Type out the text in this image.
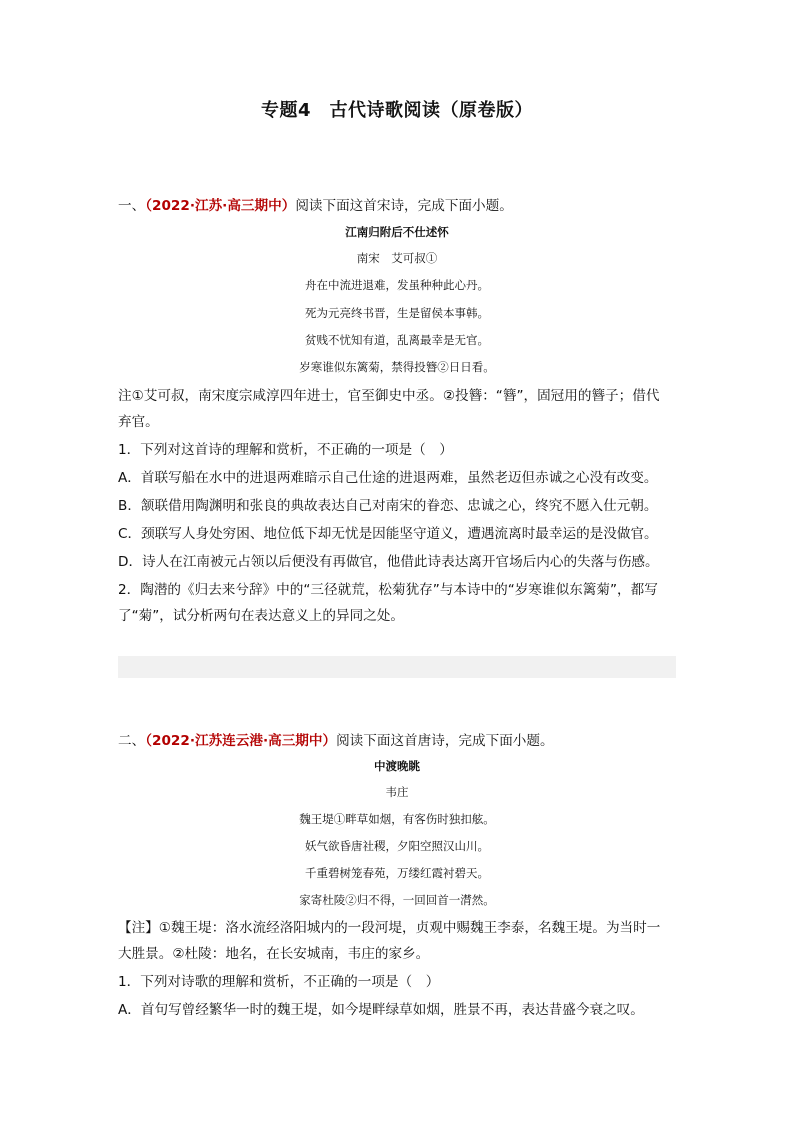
专题4　古代诗歌阅读（原卷版）
一、（2022·江苏·高三期中）阅读下面这首宋诗，完成下面小题。
江南归附后不仕述怀
南宋　艾可叔①
舟在中流进退难，发虽种种此心丹。
死为元亮终书晋，生是留侯本事韩。
贫贱不忧知有道，乱离最幸是无官。
岁寒谁似东篱菊，禁得投簪②日日看。
注①艾可叔，南宋度宗咸淳四年进士，官至御史中丞。②投簪：“簪”，固冠用的簪子；借代
弃官。
1．下列对这首诗的理解和赏析，不正确的一项是（　）
A．首联写船在水中的进退两难暗示自己仕途的进退两难，虽然老迈但赤诚之心没有改变。
B．颔联借用陶渊明和张良的典故表达自己对南宋的眷恋、忠诚之心，终究不愿入仕元朝。
C．颈联写人身处穷困、地位低下却无忧是因能坚守道义，遭遇流离时最幸运的是没做官。
D．诗人在江南被元占领以后便没有再做官，他借此诗表达离开官场后内心的失落与伤感。
2．陶潜的《归去来兮辞》中的“三径就荒，松菊犹存”与本诗中的“岁寒谁似东篱菊”，都写
了“菊”，试分析两句在表达意义上的异同之处。
二、（2022·江苏连云港·高三期中）阅读下面这首唐诗，完成下面小题。
中渡晚眺
韦庄
魏王堤①畔草如烟，有客伤时独扣舷。
妖气欲昏唐社稷，夕阳空照汉山川。
千重碧树笼春苑，万缕红霞衬碧天。
家寄杜陵②归不得，一回回首一潸然。
【注】①魏王堤：洛水流经洛阳城内的一段河堤，贞观中赐魏王李泰，名魏王堤。为当时一
大胜景。②杜陵：地名，在长安城南，韦庄的家乡。
1．下列对诗歌的理解和赏析，不正确的一项是（　）
A．首句写曾经繁华一时的魏王堤，如今堤畔绿草如烟，胜景不再，表达昔盛今衰之叹。
